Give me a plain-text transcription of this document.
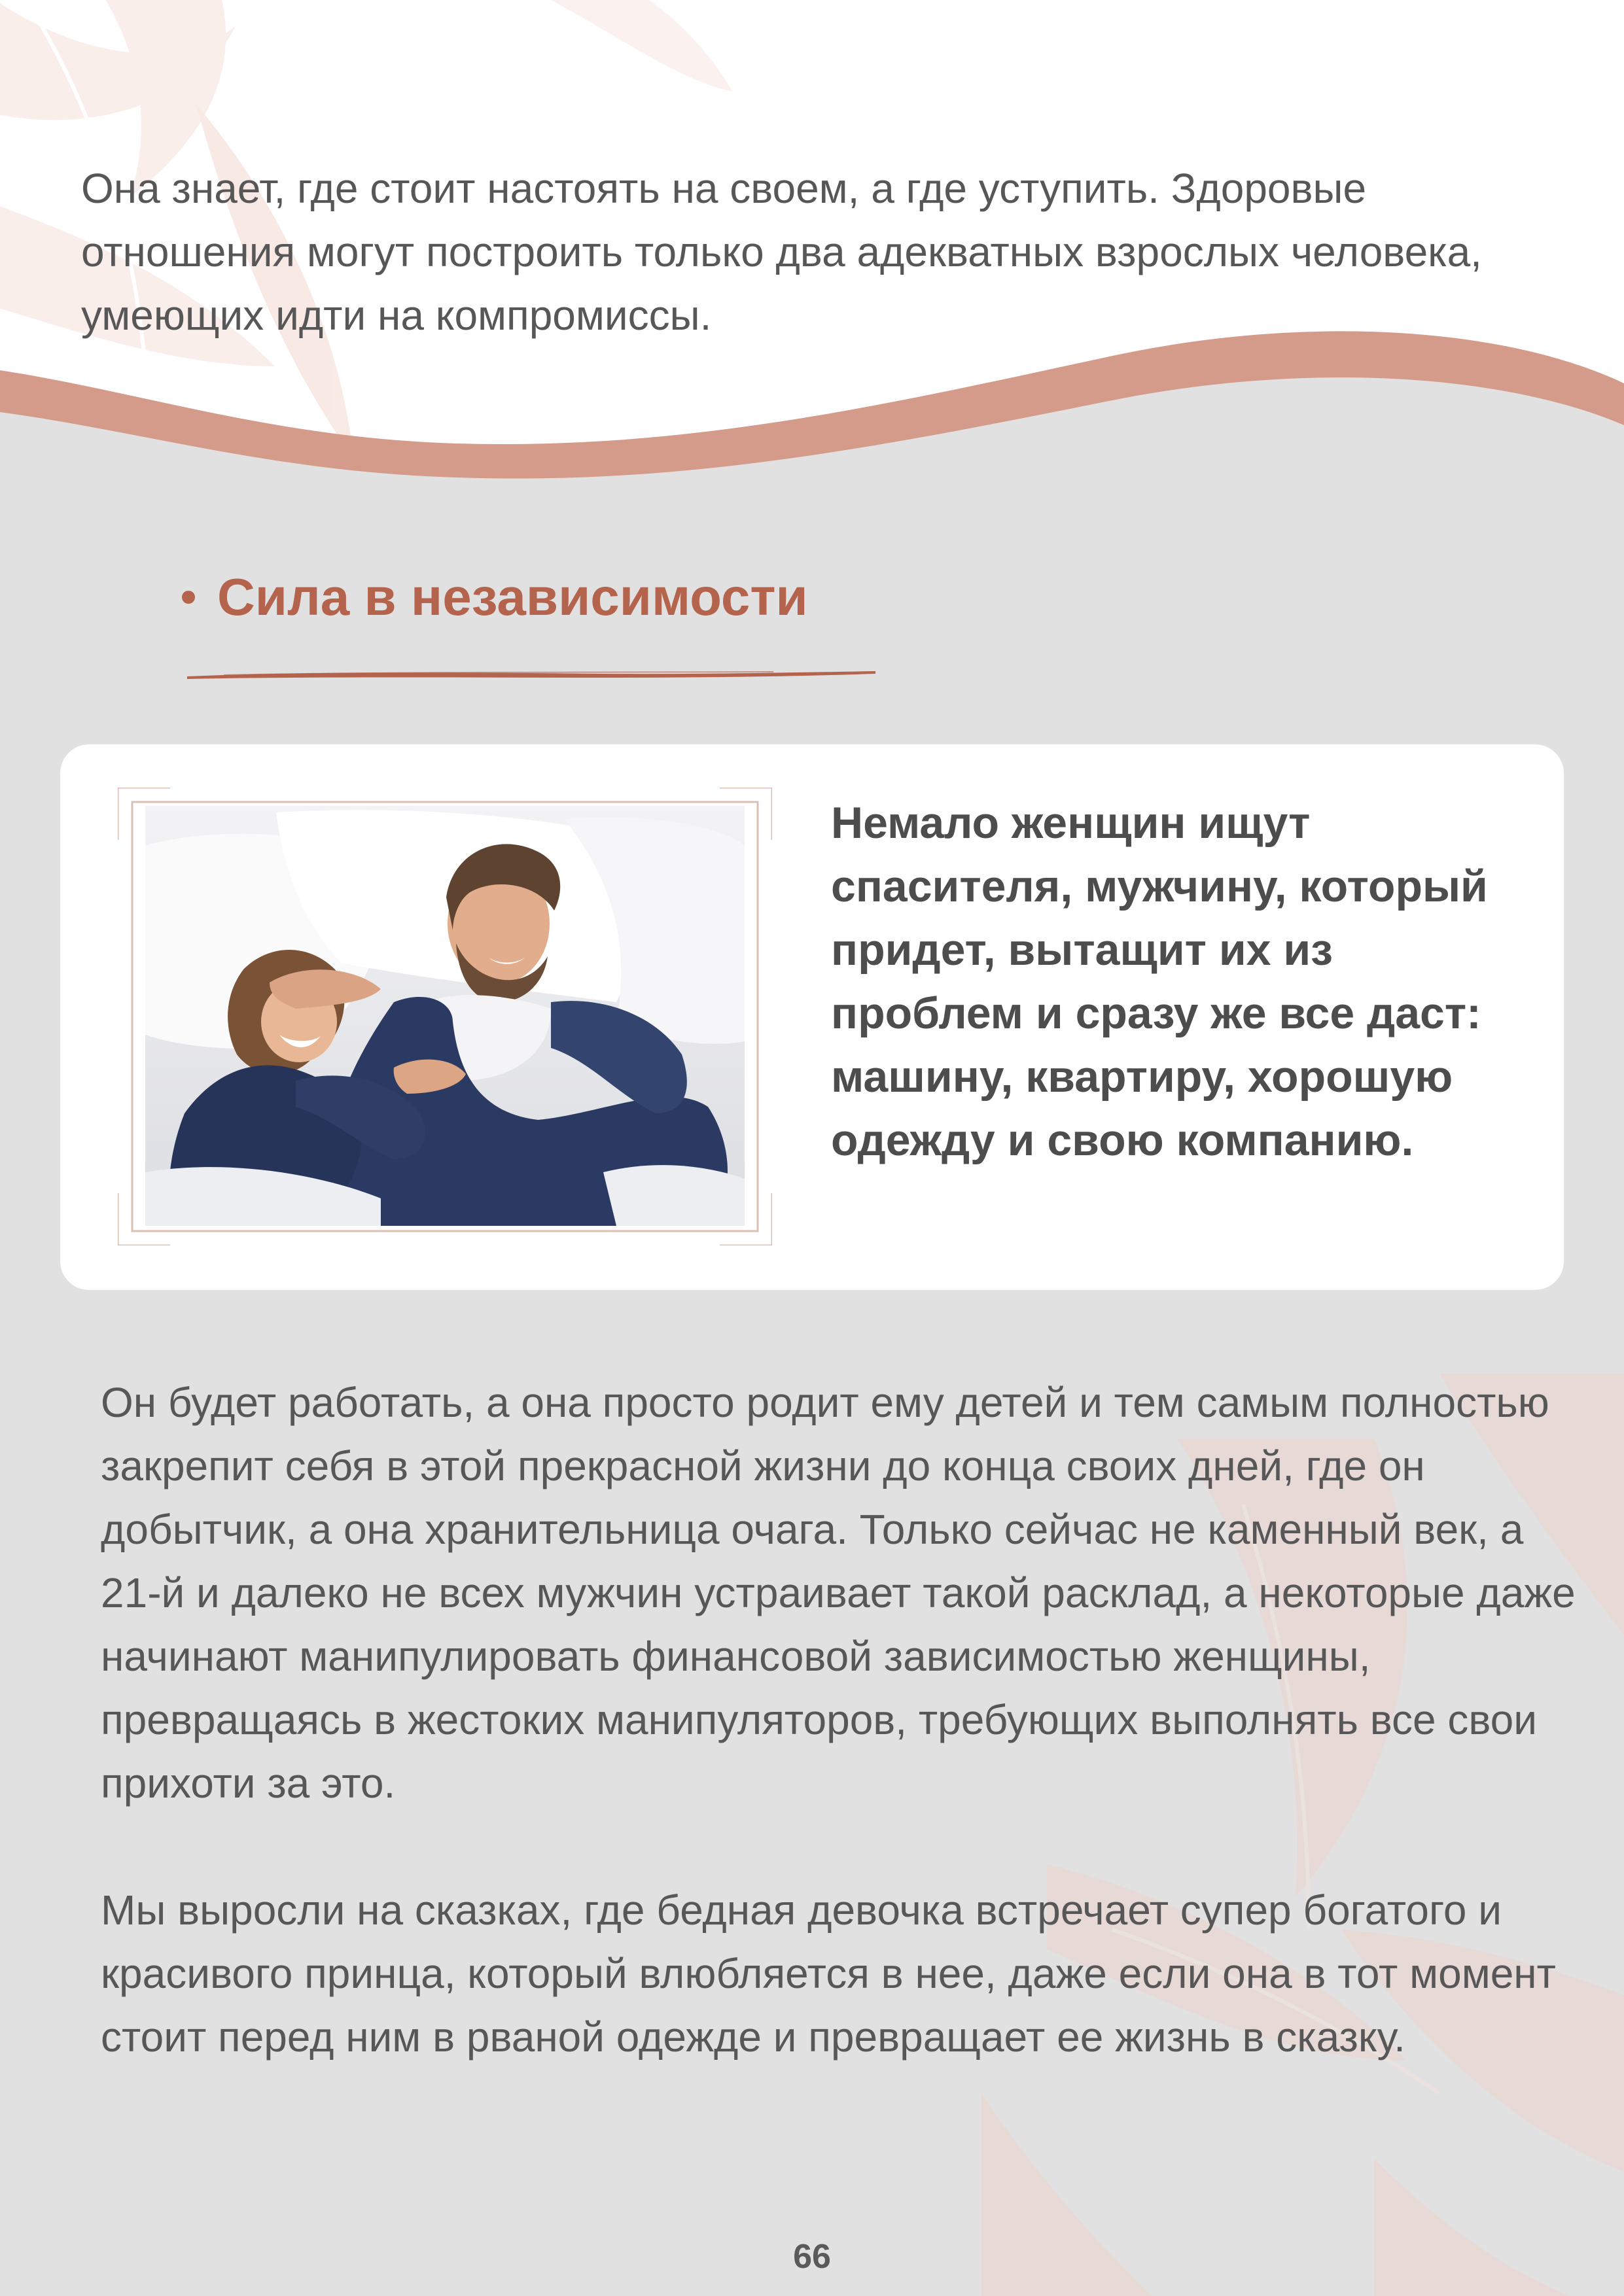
Она знает, где стоит настоять на своем, а где уступить. Здоровые отношения могут построить только два адекватных взрослых человека, умеющих идти на компромиссы.

Сила в независимости

Немало женщин ищут спасителя, мужчину, который придет, вытащит их из проблем и сразу же все даст: машину, квартиру, хорошую одежду и свою компанию.

Он будет работать, а она просто родит ему детей и тем самым полностью закрепит себя в этой прекрасной жизни до конца своих дней, где он добытчик, а она хранительница очага. Только сейчас не каменный век, а 21-й и далеко не всех мужчин устраивает такой расклад, а некоторые даже начинают манипулировать финансовой зависимостью женщины, превращаясь в жестоких манипуляторов, требующих выполнять все свои прихоти за это.

Мы выросли на сказках, где бедная девочка встречает супер богатого и красивого принца, который влюбляется в нее, даже если она в тот момент стоит перед ним в рваной одежде и превращает ее жизнь в сказку.

66
